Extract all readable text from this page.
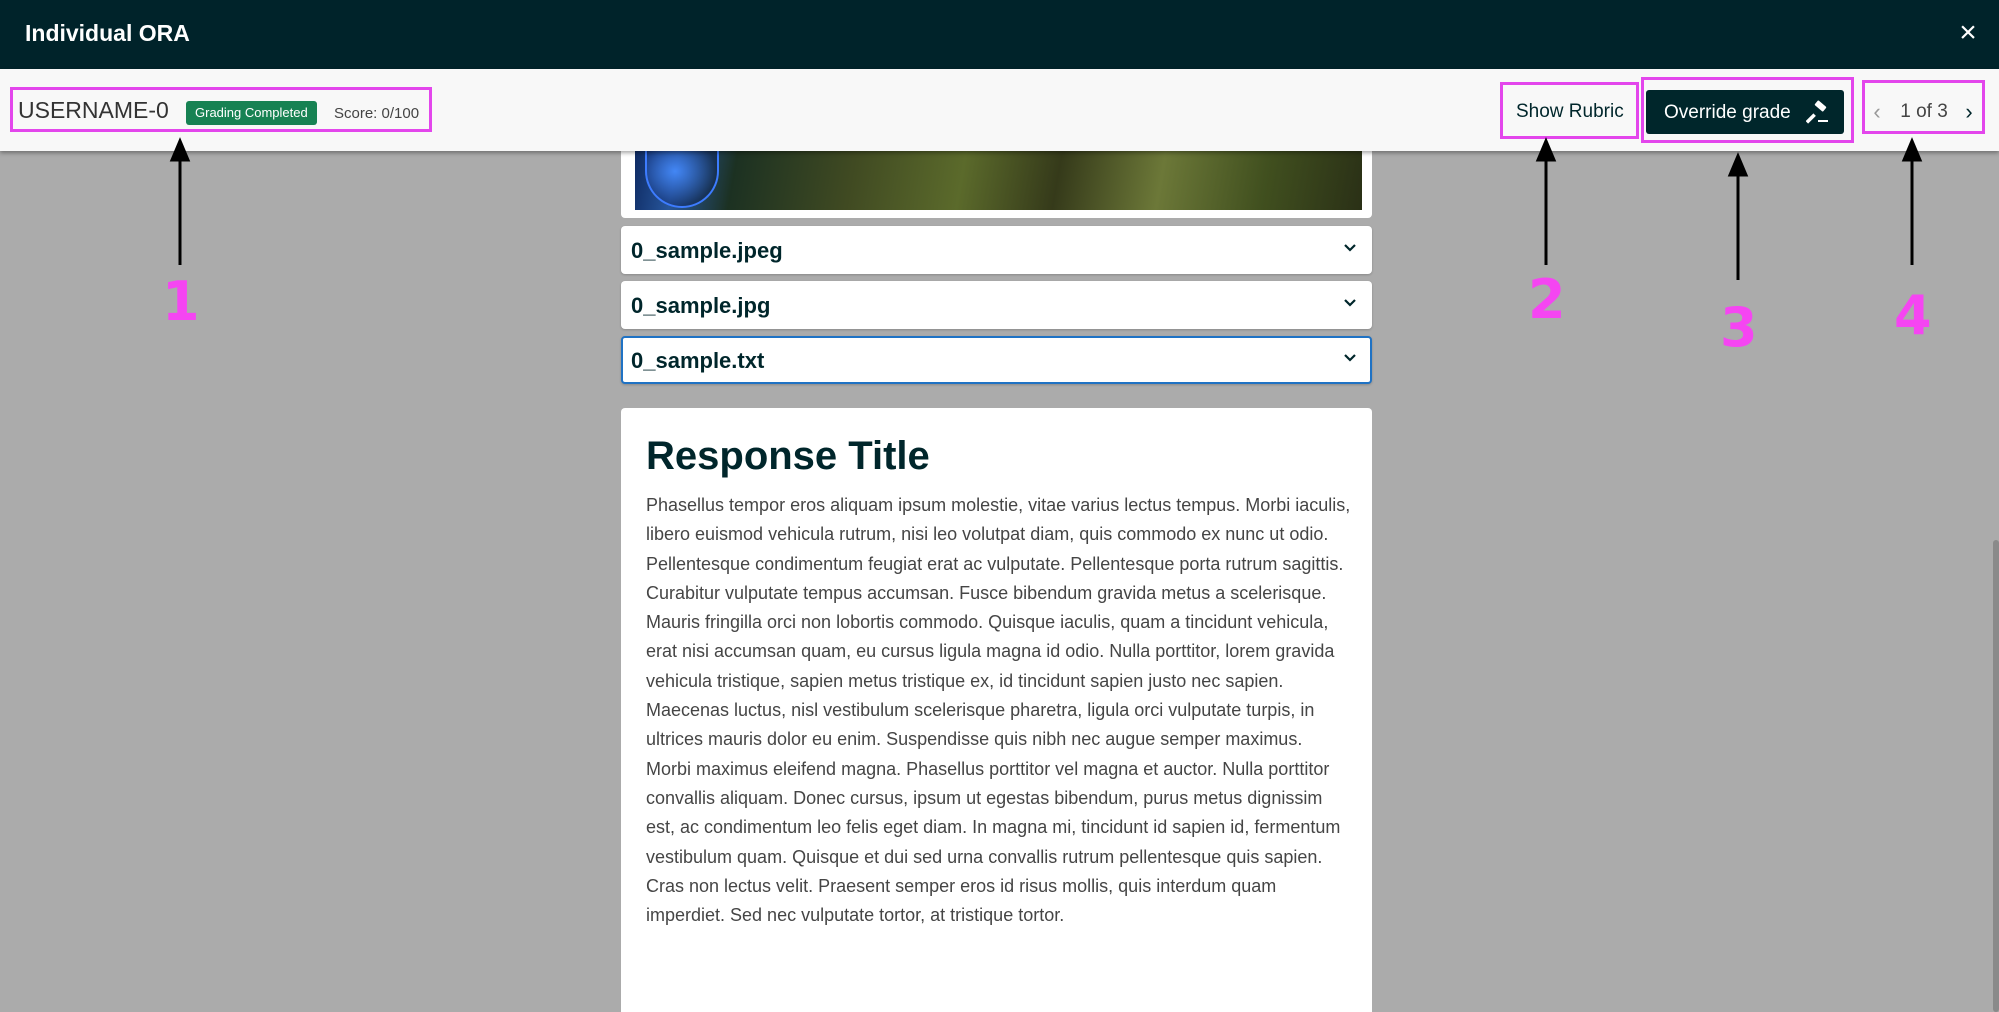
Individual ORA	×
USERNAME-0	Grading Completed	Score: 0/100	Show Rubric	Override grade	‹	1 of 3 ›
0_sample.jpeg
0_sample.jpg
0_sample.txt
Response Title

Phasellus tempor eros aliquam ipsum molestie, vitae varius lectus tempus. Morbi iaculis, libero euismod vehicula rutrum, nisi leo volutpat diam, quis commodo ex nunc ut odio. Pellentesque condimentum feugiat erat ac vulputate. Pellentesque porta rutrum sagittis. Curabitur vulputate tempus accumsan. Fusce bibendum gravida metus a scelerisque. Mauris fringilla orci non lobortis commodo. Quisque iaculis, quam a tincidunt vehicula, erat nisi accumsan quam, eu cursus ligula magna id odio. Nulla porttitor, lorem gravida vehicula tristique, sapien metus tristique ex, id tincidunt sapien justo nec sapien. Maecenas luctus, nisl vestibulum scelerisque pharetra, ligula orci vulputate turpis, in ultrices mauris dolor eu enim. Suspendisse quis nibh nec augue semper maximus. Morbi maximus eleifend magna. Phasellus porttitor vel magna et auctor. Nulla porttitor convallis aliquam. Donec cursus, ipsum ut egestas bibendum, purus metus dignissim est, ac condimentum leo felis eget diam. In magna mi, tincidunt id sapien id, fermentum vestibulum quam. Quisque et dui sed urna convallis rutrum pellentesque quis sapien. Cras non lectus velit. Praesent semper eros id risus mollis, quis interdum quam imperdiet. Sed nec vulputate tortor, at tristique tortor.

1	2	3	4
